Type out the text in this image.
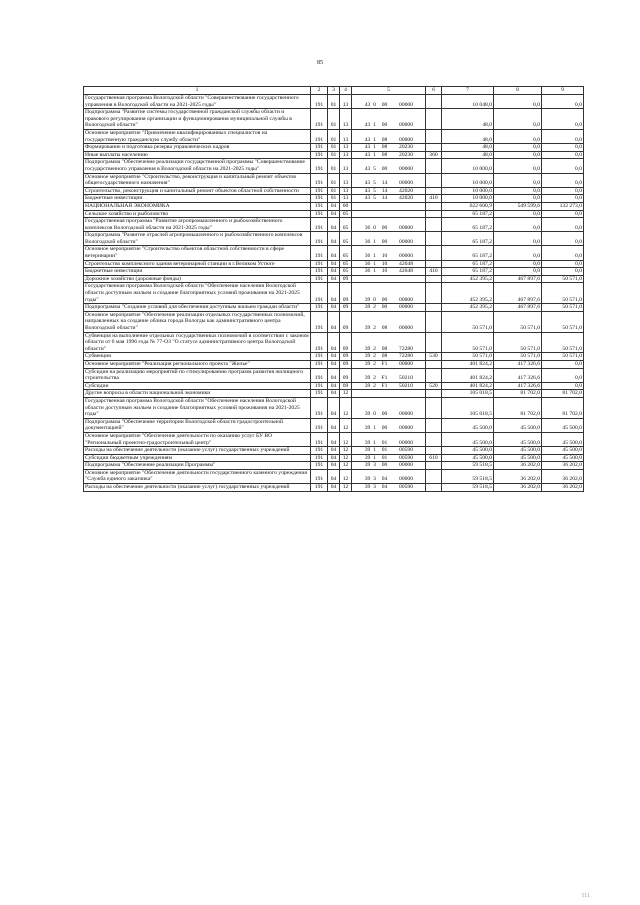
85
1	2	3	4	5	6	7	8	9
Государственная программа Вологодской области "Совершенствование государственного управления в Вологодской области на 2021-2025 годы"	191	01	13	43 0 00 00000		10 048,0	0,0	0,0
Подпрограмма "Развитие системы государственной гражданской службы области и правового регулирования организации и функционирования муниципальной службы в Вологодской области"	191	01	13	43 1 00 00000		48,0	0,0	0,0
Основное мероприятие "Привлечение квалифицированных специалистов на государственную гражданскую службу области"	191	01	13	43 1 08 00000		48,0	0,0	0,0
Формирование и подготовка резерва управленческих кадров	191	01	13	43 1 08 20230		48,0	0,0	0,0
Иные выплаты населению	191	01	13	43 1 08 20230	360	48,0	0,0	0,0
Подпрограмма "Обеспечение реализации государственной программы "Совершенствование государственного управления в Вологодской области на 2021-2025 годы"	191	01	13	43 5 00 00000		10 000,0	0,0	0,0
Основное мероприятие "Строительство, реконструкция и капитальный ремонт объектов общегосударственного назначения"	191	01	13	43 5 14 00000		10 000,0	0,0	0,0
Строительство, реконструкция и капитальный ремонт объектов областной собственности	191	01	13	43 5 14 42020		10 000,0	0,0	0,0
Бюджетные инвестиции	191	01	13	43 5 14 42020	410	10 000,0	0,0	0,0
НАЦИОНАЛЬНАЯ ЭКОНОМИКА	191	04	00			622 600,9	549 599,6	132 273,0
Сельское хозяйство и рыболовство	191	04	05			65 187,2	0,0	0,0
Государственная программа "Развитие агропромышленного и рыбохозяйственного комплексов Вологодской области на 2021-2025 годы"	191	04	05	36 0 00 00000		65 187,2	0,0	0,0
Подпрограмма "Развитие отраслей агропромышленного и рыбохозяйственного комплексов Вологодской области"	191	04	05	36 1 00 00000		65 187,2	0,0	0,0
Основное мероприятие "Строительство объектов областной собственности в сфере ветеринарии"	191	04	05	36 1 10 00000		65 187,2	0,0	0,0
Строительство комплексного здания ветеринарной станции в г.Великом Устюге	191	04	05	36 1 10 42048		65 187,2	0,0	0,0
Бюджетные инвестиции	191	04	05	36 1 10 42048	410	65 187,2	0,0	0,0
Дорожное хозяйство (дорожные фонды)	191	04	09			452 395,2	467 897,6	50 571,0
Государственная программа Вологодской области "Обеспечение населения Вологодской области доступным жильем и создание благоприятных условий проживания на 2021-2025 годы"	191	04	09	39 0 00 00000		452 395,2	467 897,6	50 571,0
Подпрограмма "Создание условий для обеспечения доступным жильем граждан области"	191	04	09	39 2 00 00000		452 395,2	467 897,6	50 571,0
Основное мероприятие "Обеспечение реализации отдельных государственных полномочий, направленных на создание облика города Вологды как административного центра Вологодской области"	191	04	09	39 2 08 00000		50 571,0	50 571,0	50 571,0
Субвенция на выполнение отдельных государственных полномочий в соответствии с законом области от 6 мая 1996 года № 77-ОЗ "О статусе административного центра Вологодской области"	191	04	09	39 2 08 72280		50 571,0	50 571,0	50 571,0
Субвенции	191	04	09	39 2 08 72280	530	50 571,0	50 571,0	50 571,0
Основное мероприятие "Реализация регионального проекта "Жилье"	191	04	09	39 2 F1 00000		401 824,2	417 326,6	0,0
Субсидия на реализацию мероприятий по стимулированию программ развития жилищного строительства	191	04	09	39 2 F1 50210		401 824,2	417 326,6	0,0
Субсидии	191	04	09	39 2 F1 50210	520	401 824,2	417 326,6	0,0
Другие вопросы в области национальной экономики	191	04	12			105 018,5	81 702,0	81 702,0
Государственная программа Вологодской области "Обеспечение населения Вологодской области доступным жильем и создание благоприятных условий проживания на 2021-2025 годы"	191	04	12	39 0 00 00000		105 018,5	81 702,0	81 702,0
Подпрограмма "Обеспечение территории Вологодской области градостроительной документацией"	191	04	12	39 1 00 00000		45 500,0	45 500,0	45 500,0
Основное мероприятие "Обеспечение деятельности по оказанию услуг БУ ВО "Региональный проектно-градостроительный центр"	191	04	12	39 1 01 00000		45 500,0	45 500,0	45 500,0
Расходы на обеспечение деятельности (оказание услуг) государственных учреждений	191	04	12	39 1 01 00590		45 500,0	45 500,0	45 500,0
Субсидии бюджетным учреждениям	191	04	12	39 1 01 00590	610	45 500,0	45 500,0	45 500,0
Подпрограмма "Обеспечение реализации Программы"	191	04	12	39 3 00 00000		59 518,5	36 202,0	36 202,0
Основное мероприятие "Обеспечение деятельности государственного казенного учреждения "Служба единого заказчика"	191	04	12	39 3 04 00000		59 518,5	36 202,0	36 202,0
Расходы на обеспечение деятельности (оказание услуг) государственных учреждений	191	04	12	39 3 04 00590		59 518,5	36 202,0	36 202,0
111
